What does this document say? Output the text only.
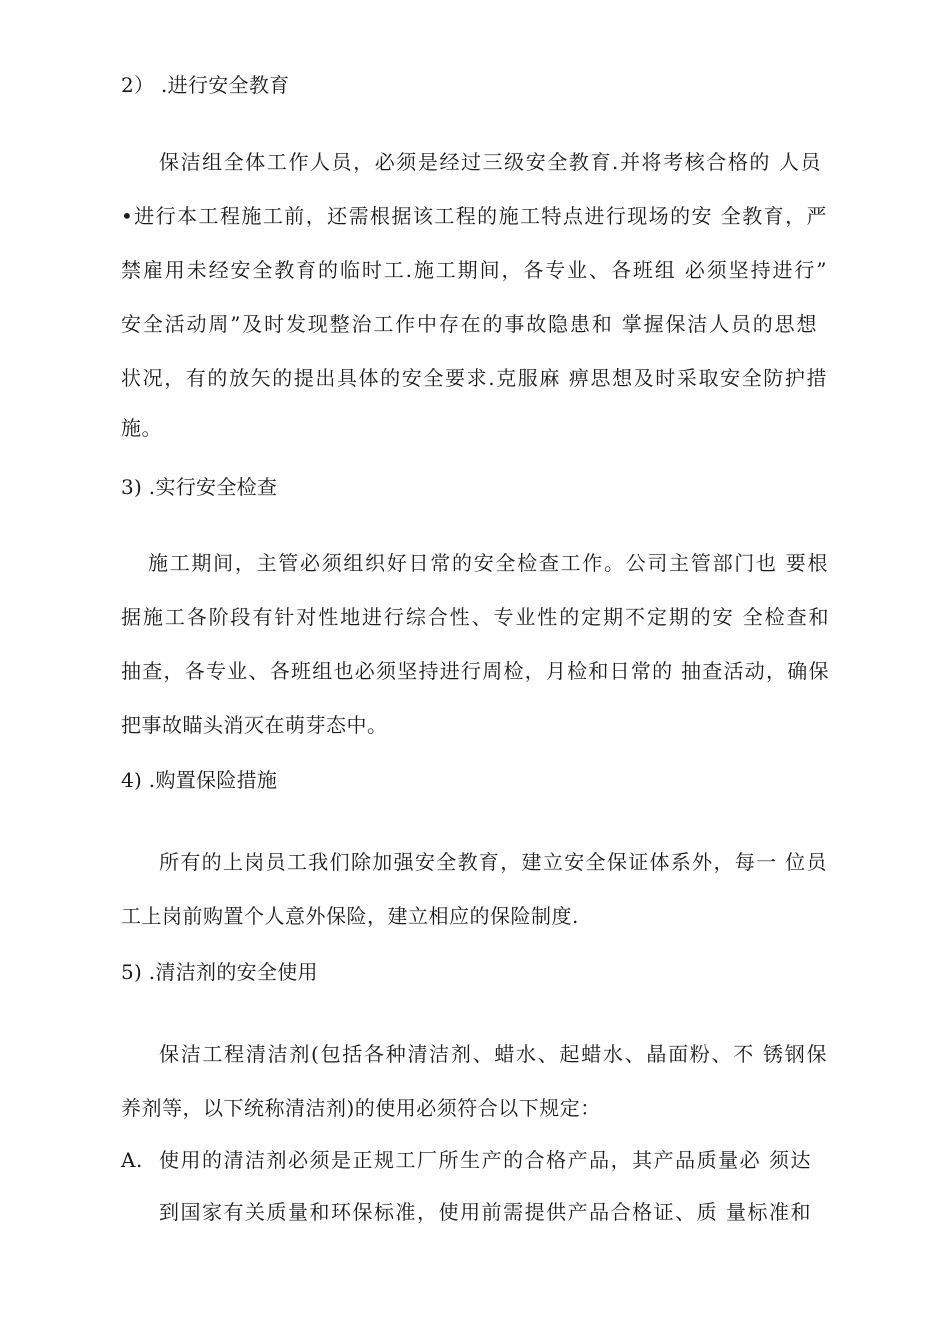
2） .进行安全教育
保洁组全体工作人员，必须是经过三级安全教育.并将考核合格的 人员
•进行本工程施工前，还需根据该工程的施工特点进行现场的安 全教育，严
禁雇用未经安全教育的临时工.施工期间，各专业、各班组 必须坚持进行”
安全活动周”及时发现整治工作中存在的事故隐患和 掌握保洁人员的思想
状况，有的放矢的提出具体的安全要求.克服麻 痹思想及时采取安全防护措
施。
3) .实行安全检查
施工期间，主管必须组织好日常的安全检查工作。公司主管部门也 要根
据施工各阶段有针对性地进行综合性、专业性的定期不定期的安 全检查和
抽查，各专业、各班组也必须坚持进行周检，月检和日常的 抽查活动，确保
把事故瞄头消灭在萌芽态中。
4) .购置保险措施
所有的上岗员工我们除加强安全教育，建立安全保证体系外，每一 位员
工上岗前购置个人意外保险，建立相应的保险制度.
5) .清洁剂的安全使用
保洁工程清洁剂(包括各种清洁剂、蜡水、起蜡水、晶面粉、不 锈钢保
养剂等，以下统称清洁剂)的使用必须符合以下规定：
A. 使用的清洁剂必须是正规工厂所生产的合格产品，其产品质量必 须达
到国家有关质量和环保标准，使用前需提供产品合格证、质 量标准和
